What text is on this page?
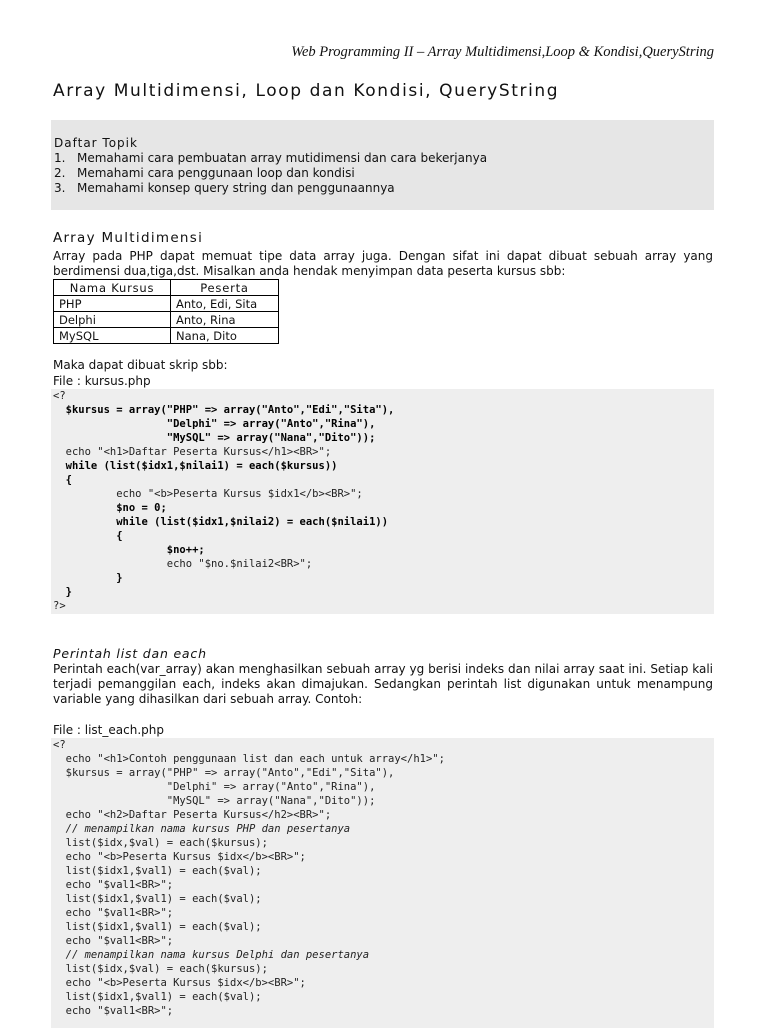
Web Programming II – Array Multidimensi,Loop & Kondisi,QueryString
Array Multidimensi, Loop dan Kondisi, QueryString
Daftar Topik
1. Memahami cara pembuatan array mutidimensi dan cara bekerjanya
2. Memahami cara penggunaan loop dan kondisi
3. Memahami konsep query string dan penggunaannya
Array Multidimensi

Array pada PHP dapat memuat tipe data array juga. Dengan sifat ini dapat dibuat sebuah array yang berdimensi dua,tiga,dst. Misalkan anda hendak menyimpan data peserta kursus sbb:

Nama Kursus	Peserta
PHP	Anto, Edi, Sita
Delphi	Anto, Rina
MySQL	Nana, Dito

Maka dapat dibuat skrip sbb:

File : kursus.php

<?
$kursus = array("PHP" => array("Anto","Edi","Sita"),
"Delphi" => array("Anto","Rina"),
"MySQL" => array("Nana","Dito"));
echo "<h1>Daftar Peserta Kursus</h1><BR>";
while (list($idx1,$nilai1) = each($kursus))
{
echo "<b>Peserta Kursus $idx1</b><BR>";
$no = 0;
while (list($idx1,$nilai2) = each($nilai1))
{
$no++;
echo "$no.$nilai2<BR>";
}
}
?>
Perintah list dan each

Perintah each(var_array) akan menghasilkan sebuah array yg berisi indeks dan nilai array saat ini. Setiap kali terjadi pemanggilan each, indeks akan dimajukan. Sedangkan perintah list digunakan untuk menampung variable yang dihasilkan dari sebuah array. Contoh:

File : list_each.php

<?
echo "<h1>Contoh penggunaan list dan each untuk array</h1>";
$kursus = array("PHP" => array("Anto","Edi","Sita"),
"Delphi" => array("Anto","Rina"),
"MySQL" => array("Nana","Dito"));
echo "<h2>Daftar Peserta Kursus</h2><BR>";
// menampilkan nama kursus PHP dan pesertanya
list($idx,$val) = each($kursus);
echo "<b>Peserta Kursus $idx</b><BR>";
list($idx1,$val1) = each($val);
echo "$val1<BR>";
list($idx1,$val1) = each($val);
echo "$val1<BR>";
list($idx1,$val1) = each($val);
echo "$val1<BR>";
// menampilkan nama kursus Delphi dan pesertanya
list($idx,$val) = each($kursus);
echo "<b>Peserta Kursus $idx</b><BR>";
list($idx1,$val1) = each($val);
echo "$val1<BR>";
